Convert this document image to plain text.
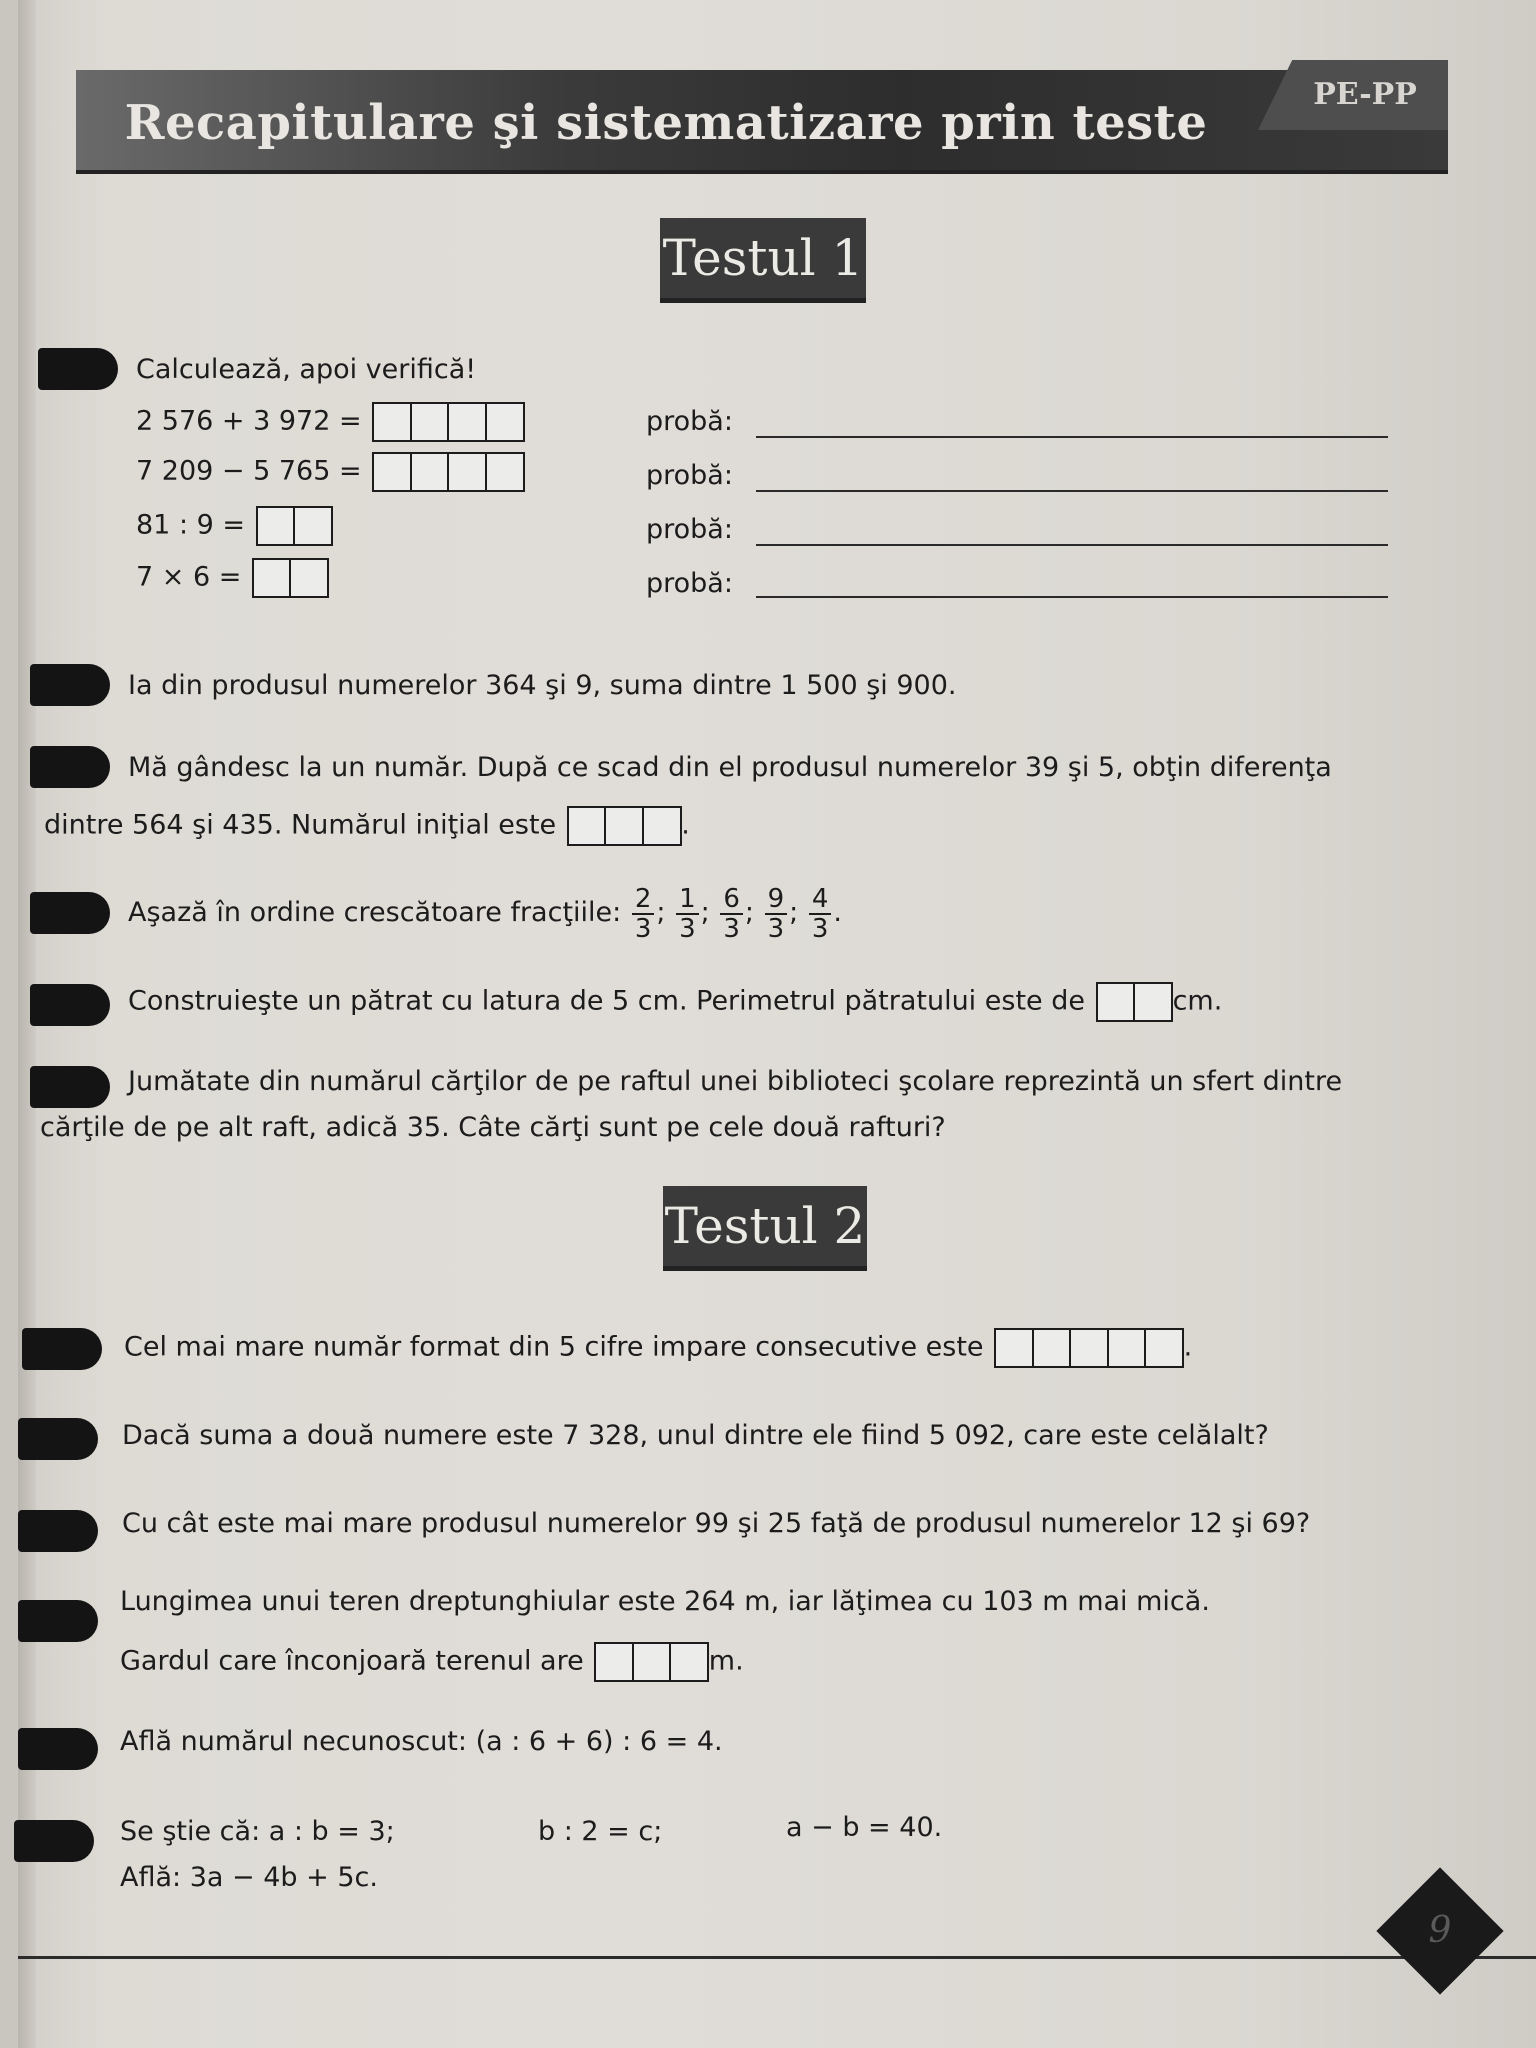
Recapitulare şi sistematizare prin teste
PE-PP
Testul 1
Calculează, apoi verifică!
2 576 + 3 972 =	probă:
7 209 − 5 765 =	probă:
81 : 9 =	probă:
7 × 6 =	probă:
Ia din produsul numerelor 364 şi 9, suma dintre 1 500 şi 900.
Mă gândesc la un număr. După ce scad din el produsul numerelor 39 şi 5, obţin diferenţa
dintre 564 şi 435. Numărul iniţial este	.
Aşază în ordine crescătoare fracţiile: $\frac{2}{3}$ ; $\frac{1}{3}$ ; $\frac{6}{3}$ ; $\frac{9}{3}$ ; $\frac{4}{3}$ .
Construieşte un pătrat cu latura de 5 cm. Perimetrul pătratului este de	cm.
Jumătate din numărul cărţilor de pe raftul unei biblioteci şcolare reprezintă un sfert dintre
cărţile de pe alt raft, adică 35. Câte cărţi sunt pe cele două rafturi?
Testul 2
Cel mai mare număr format din 5 cifre impare consecutive este	.
Dacă suma a două numere este 7 328, unul dintre ele fiind 5 092, care este celălalt?
Cu cât este mai mare produsul numerelor 99 şi 25 faţă de produsul numerelor 12 şi 69?
Lungimea unui teren dreptunghiular este 264 m, iar lăţimea cu 103 m mai mică.
Gardul care înconjoară terenul are	m.
Află numărul necunoscut: (a : 6 + 6) : 6 = 4.
Se ştie că: a : b = 3;	b : 2 = c;	a − b = 40.
Află: 3a − 4b + 5c.
9
